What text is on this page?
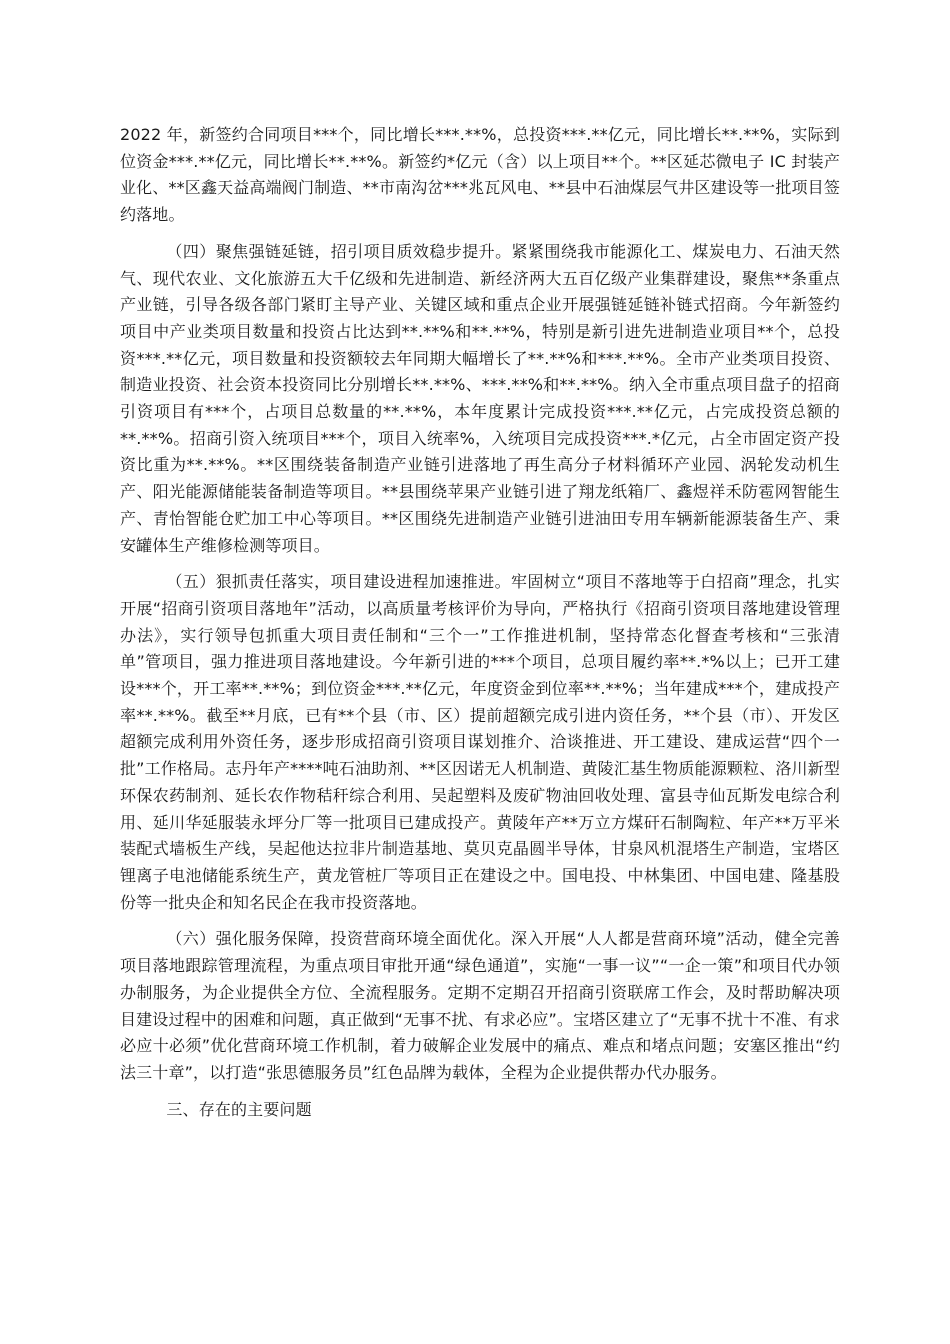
2022 年，新签约合同项目***个，同比增长***.**%，总投资***.**亿元，同比增长**.**%，实际到位资金***.**亿元，同比增长**.**%。新签约*亿元（含）以上项目**个。**区延芯微电子 IC 封装产业化、**区鑫天益高端阀门制造、**市南沟岔***兆瓦风电、**县中石油煤层气井区建设等一批项目签约落地。

（四）聚焦强链延链，招引项目质效稳步提升。紧紧围绕我市能源化工、煤炭电力、石油天然气、现代农业、文化旅游五大千亿级和先进制造、新经济两大五百亿级产业集群建设，聚焦**条重点产业链，引导各级各部门紧盯主导产业、关键区域和重点企业开展强链延链补链式招商。今年新签约项目中产业类项目数量和投资占比达到**.**%和**.**%，特别是新引进先进制造业项目**个，总投资***.**亿元，项目数量和投资额较去年同期大幅增长了**.**%和***.**%。全市产业类项目投资、制造业投资、社会资本投资同比分别增长**.**%、***.**%和**.**%。纳入全市重点项目盘子的招商引资项目有***个，占项目总数量的**.**%，本年度累计完成投资***.**亿元，占完成投资总额的**.**%。招商引资入统项目***个，项目入统率%，入统项目完成投资***.*亿元，占全市固定资产投资比重为**.**%。**区围绕装备制造产业链引进落地了再生高分子材料循环产业园、涡轮发动机生产、阳光能源储能装备制造等项目。**县围绕苹果产业链引进了翔龙纸箱厂、鑫煜祥禾防雹网智能生产、青怡智能仓贮加工中心等项目。**区围绕先进制造产业链引进油田专用车辆新能源装备生产、秉安罐体生产维修检测等项目。

（五）狠抓责任落实，项目建设进程加速推进。牢固树立“项目不落地等于白招商”理念，扎实开展“招商引资项目落地年”活动，以高质量考核评价为导向，严格执行《招商引资项目落地建设管理办法》，实行领导包抓重大项目责任制和“三个一”工作推进机制，坚持常态化督查考核和“三张清单”管项目，强力推进项目落地建设。今年新引进的***个项目，总项目履约率**.*%以上；已开工建设***个，开工率**.**%；到位资金***.**亿元，年度资金到位率**.**%；当年建成***个，建成投产率**.**%。截至**月底，已有**个县（市、区）提前超额完成引进内资任务，**个县（市）、开发区超额完成利用外资任务，逐步形成招商引资项目谋划推介、洽谈推进、开工建设、建成运营“四个一批”工作格局。志丹年产****吨石油助剂、**区因诺无人机制造、黄陵汇基生物质能源颗粒、洛川新型环保农药制剂、延长农作物秸秆综合利用、吴起塑料及废矿物油回收处理、富县寺仙瓦斯发电综合利用、延川华延服装永坪分厂等一批项目已建成投产。黄陵年产**万立方煤矸石制陶粒、年产**万平米装配式墙板生产线，吴起他达拉非片制造基地、莫贝克晶圆半导体，甘泉风机混塔生产制造，宝塔区锂离子电池储能系统生产，黄龙管桩厂等项目正在建设之中。国电投、中林集团、中国电建、隆基股份等一批央企和知名民企在我市投资落地。

（六）强化服务保障，投资营商环境全面优化。深入开展“人人都是营商环境”活动，健全完善项目落地跟踪管理流程，为重点项目审批开通“绿色通道”，实施“一事一议”“一企一策”和项目代办领办制服务，为企业提供全方位、全流程服务。定期不定期召开招商引资联席工作会，及时帮助解决项目建设过程中的困难和问题，真正做到“无事不扰、有求必应”。宝塔区建立了“无事不扰十不准、有求必应十必须”优化营商环境工作机制，着力破解企业发展中的痛点、难点和堵点问题；安塞区推出“约法三十章”，以打造“张思德服务员”红色品牌为载体，全程为企业提供帮办代办服务。

三、存在的主要问题
